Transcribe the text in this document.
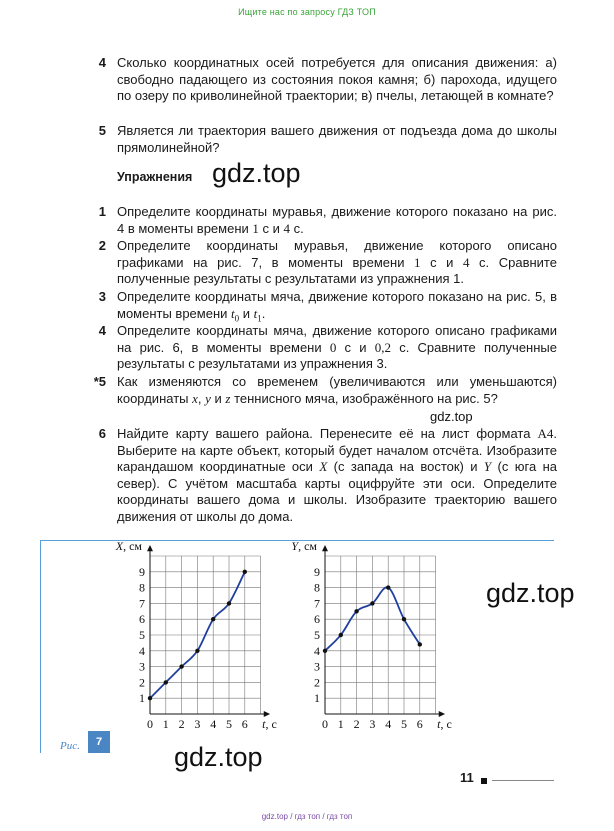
Ищите нас по запросу ГДЗ ТОП
4 Сколько координатных осей потребуется для описания движения: а) свободно падающего из состояния покоя камня; б) парохода, идущего по озеру по криволинейной траектории; в) пчелы, летающей в комнате?
5 Является ли траектория вашего движения от подъезда дома до школы прямолинейной?
Упражнения gdz.top
1 Определите координаты муравья, движение которого показано на рис. 4 в моменты времени 1 с и 4 с.
2 Определите координаты муравья, движение которого описано графиками на рис. 7, в моменты времени 1 с и 4 с. Сравните полученные результаты с результатами из упражнения 1.
3 Определите координаты мяча, движение которого показано на рис. 5, в моменты времени $t_0$ и $t_1$.
4 Определите координаты мяча, движение которого описано графиками на рис. 6, в моменты времени 0 с и 0,2 с. Сравните полученные результаты с результатами из упражнения 3.
*5 Как изменяются со временем (увеличиваются или уменьшаются) координаты x, y и z теннисного мяча, изображённого на рис. 5?
gdz.top
6 Найдите карту вашего района. Перенесите её на лист формата A4. Выберите на карте объект, который будет началом отсчёта. Изобразите карандашом координатные оси X (с запада на восток) и Y (с юга на север). С учётом масштаба карты оцифруйте эти оси. Определите координаты вашего дома и школы. Изобразите траекторию вашего движения от школы до дома.
0 1 2 3 4 5 6
1
2
3
4
5
6
7
8
9
X, см
t, с	0 1 2 3 4 5 6
1
2
3
4
5
6
7
8
9
Y, см
t, с
gdz.top
Рис.	7	gdz.top
11
gdz.top / гдз топ / гдз топ
